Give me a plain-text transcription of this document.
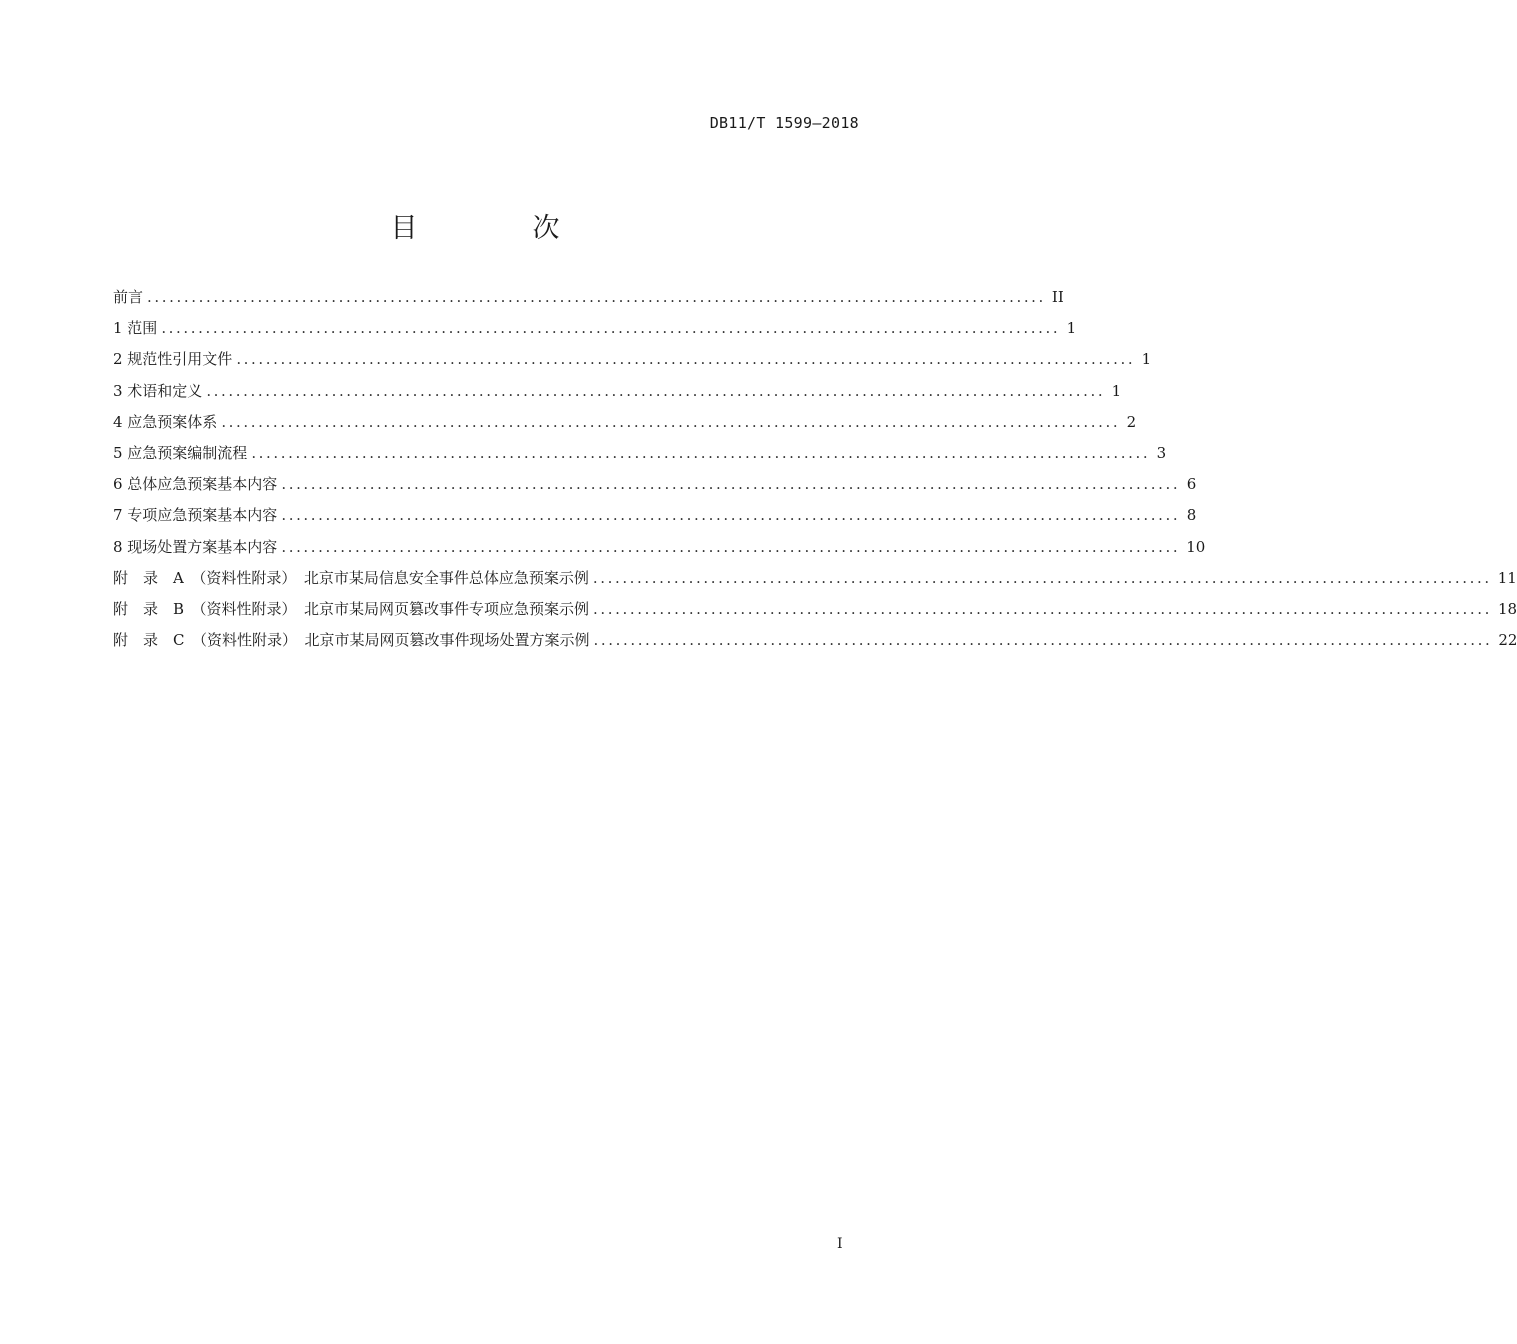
DB11/T 1599—2018
目　次
前言 .......................................................................................................................... II
1 范围 .......................................................................................................................... 1
2 规范性引用文件 .......................................................................................................................... 1
3 术语和定义 .......................................................................................................................... 1
4 应急预案体系 .......................................................................................................................... 2
5 应急预案编制流程 .......................................................................................................................... 3
6 总体应急预案基本内容 .......................................................................................................................... 6
7 专项应急预案基本内容 .......................................................................................................................... 8
8 现场处置方案基本内容 .......................................................................................................................... 10
附　录　A　（资料性附录）　北京市某局信息安全事件总体应急预案示例 .......................................................................................................................... 11
附　录　B　（资料性附录）　北京市某局网页篡改事件专项应急预案示例 .......................................................................................................................... 18
附　录　C　（资料性附录）　北京市某局网页篡改事件现场处置方案示例 .......................................................................................................................... 22
I
